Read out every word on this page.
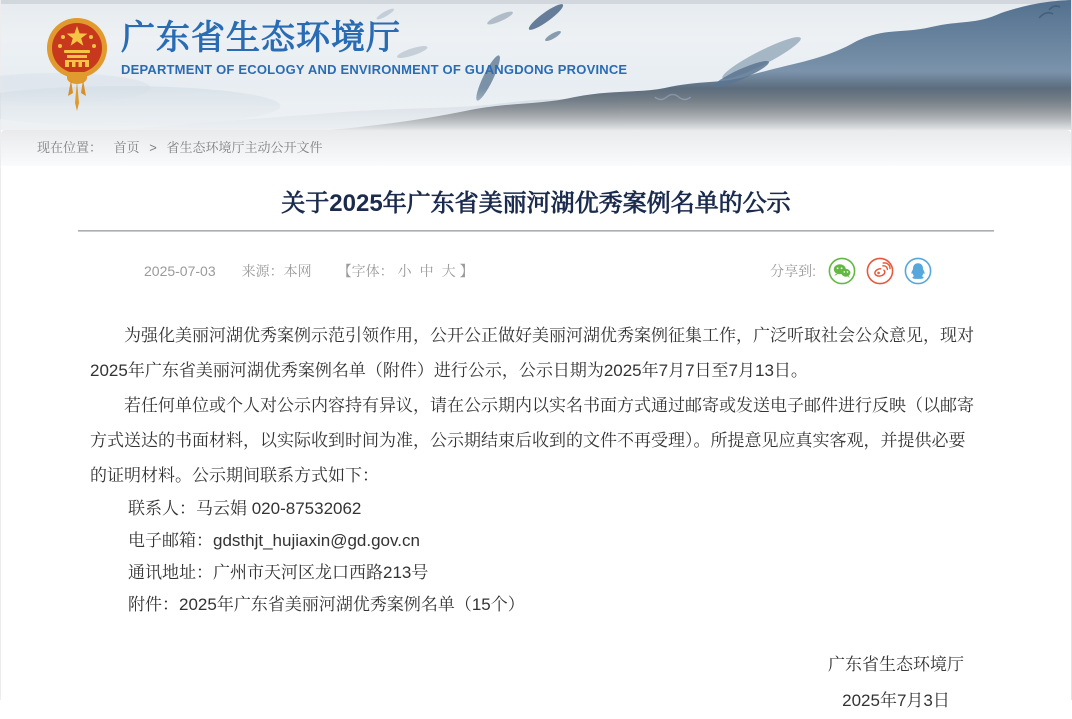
广东省生态环境厅
DEPARTMENT OF ECOLOGY AND ENVIRONMENT OF GUANGDONG PROVINCE
现在位置： 首页 > 省生态环境厅主动公开文件
关于2025年广东省美丽河湖优秀案例名单的公示
2025-07-03 来源：本网 【字体： 小 中 大 】	分享到:

为强化美丽河湖优秀案例示范引领作用，公开公正做好美丽河湖优秀案例征集工作，广泛听取社会公众意见，现对2025年广东省美丽河湖优秀案例名单（附件）进行公示，公示日期为2025年7月7日至7月13日。

若任何单位或个人对公示内容持有异议，请在公示期内以实名书面方式通过邮寄或发送电子邮件进行反映（以邮寄方式送达的书面材料，以实际收到时间为准，公示期结束后收到的文件不再受理）。所提意见应真实客观，并提供必要的证明材料。公示期间联系方式如下：

联系人：马云娟 020-87532062

电子邮箱：gdsthjt_hujiaxin@gd.gov.cn

通讯地址：广州市天河区龙口西路213号

附件：2025年广东省美丽河湖优秀案例名单（15个）

广东省生态环境厅
2025年7月3日
